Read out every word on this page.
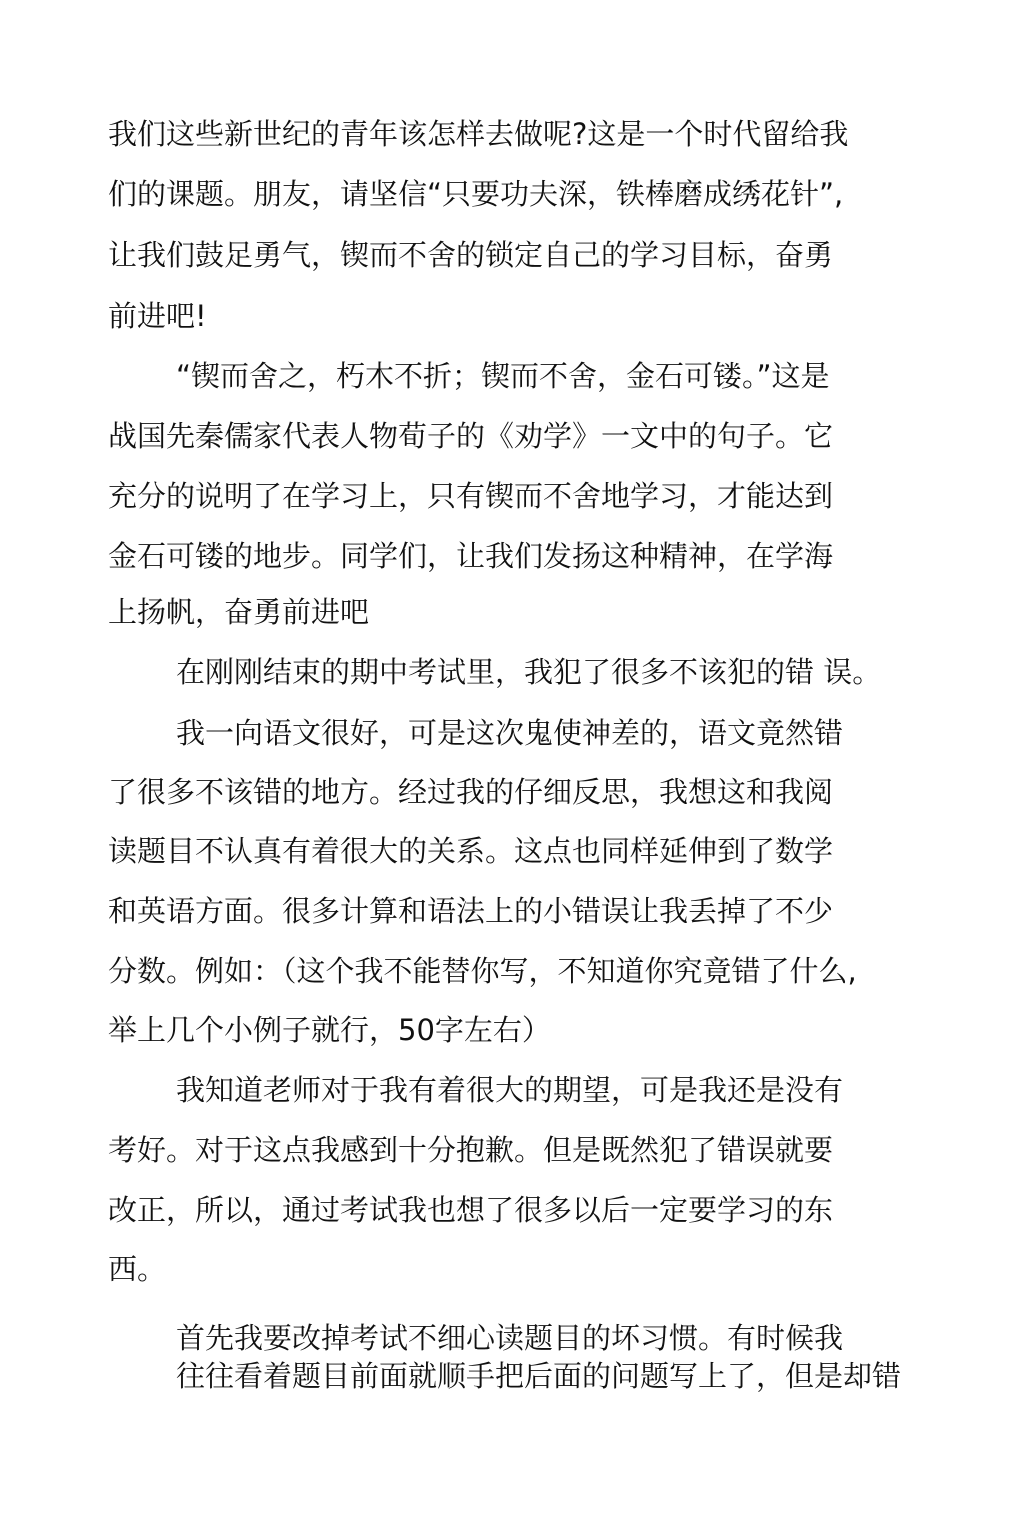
我们这些新世纪的青年该怎样去做呢?这是一个时代留给我
们的课题。朋友，请坚信“只要功夫深，铁棒磨成绣花针”,
让我们鼓足勇气，锲而不舍的锁定自己的学习目标，奋勇
前进吧!
“锲而舍之，朽木不折；锲而不舍，金石可镂。”这是
战国先秦儒家代表人物荀子的《劝学》一文中的句子。它
充分的说明了在学习上，只有锲而不舍地学习，才能达到
金石可镂的地步。同学们，让我们发扬这种精神，在学海
上扬帆，奋勇前进吧
在刚刚结束的期中考试里，我犯了很多不该犯的错 误。
我一向语文很好，可是这次鬼使神差的，语文竟然错
了很多不该错的地方。经过我的仔细反思，我想这和我阅
读题目不认真有着很大的关系。这点也同样延伸到了数学
和英语方面。很多计算和语法上的小错误让我丢掉了不少
分数。例如：（这个我不能替你写，不知道你究竟错了什么,
举上几个小例子就行，50字左右）
我知道老师对于我有着很大的期望，可是我还是没有
考好。对于这点我感到十分抱歉。但是既然犯了错误就要
改正，所以，通过考试我也想了很多以后一定要学习的东
西。
首先我要改掉考试不细心读题目的坏习惯。有时候我
往往看着题目前面就顺手把后面的问题写上了，但是却错
